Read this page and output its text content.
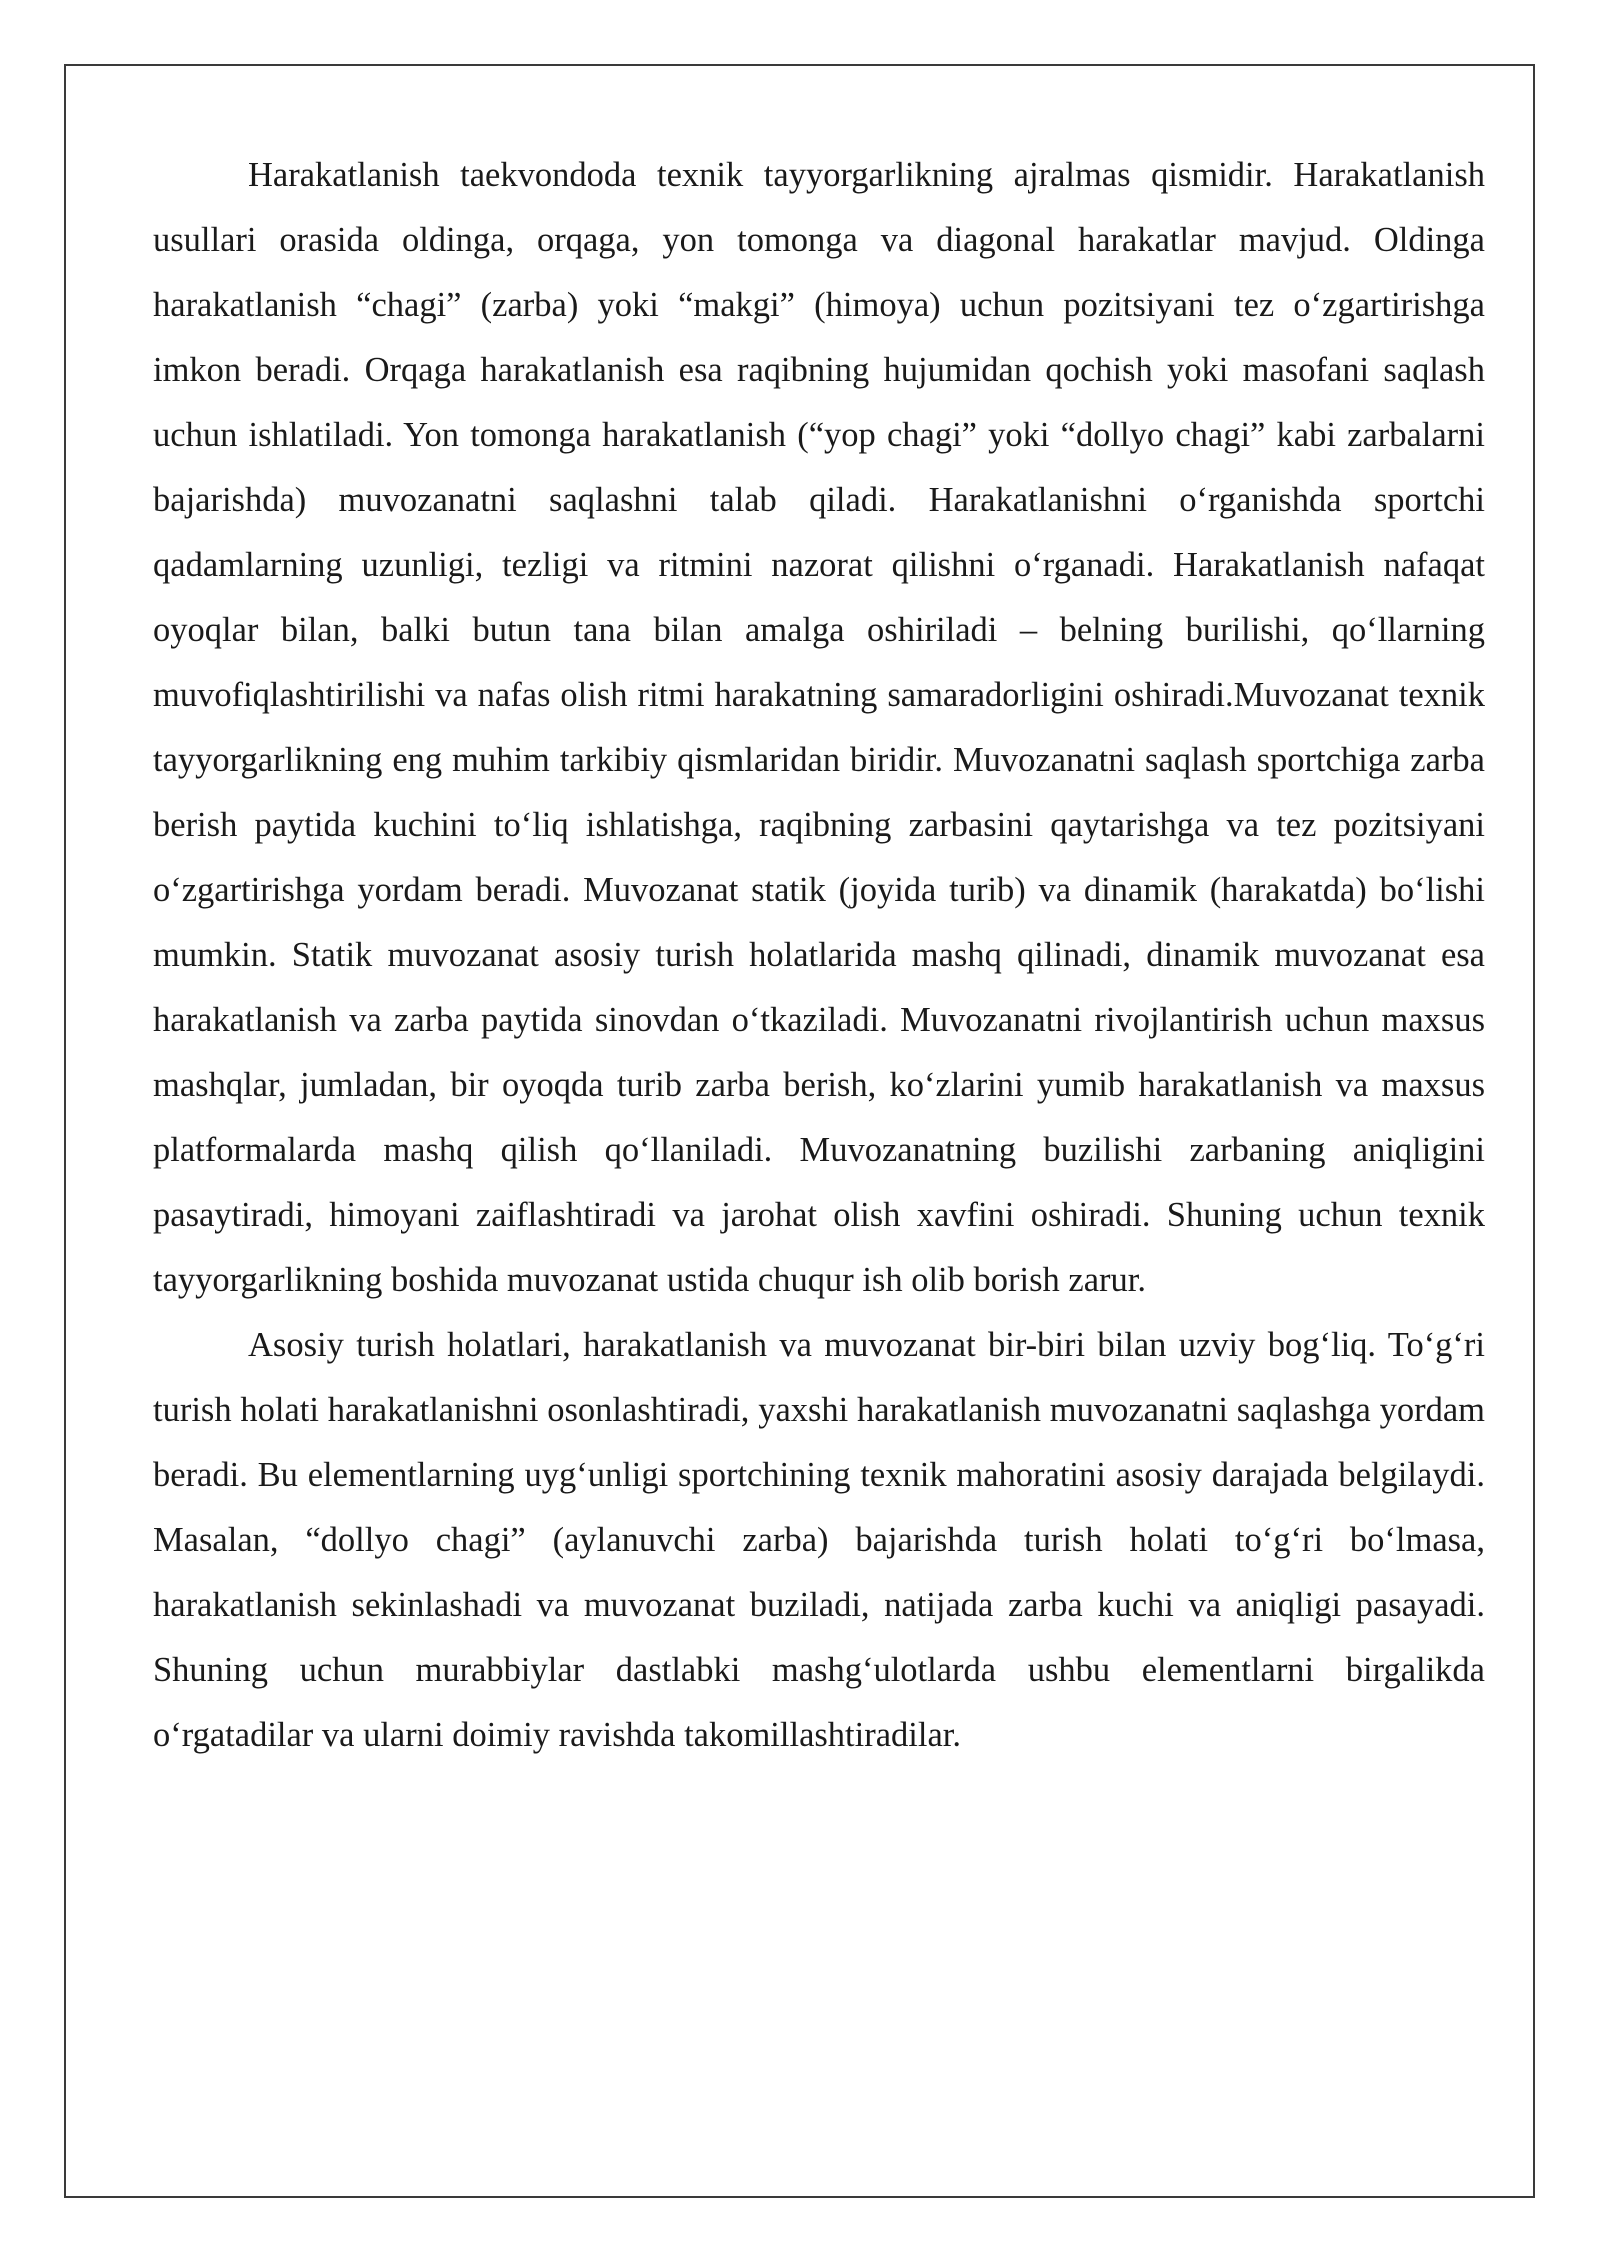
Harakatlanish taekvondoda texnik tayyorgarlikning ajralmas qismidir. Harakatlanish usullari orasida oldinga, orqaga, yon tomonga va diagonal harakatlar mavjud. Oldinga harakatlanish “chagi” (zarba) yoki “makgi” (himoya) uchun pozitsiyani tez o‘zgartirishga imkon beradi. Orqaga harakatlanish esa raqibning hujumidan qochish yoki masofani saqlash uchun ishlatiladi. Yon tomonga harakatlanish (“yop chagi” yoki “dollyo chagi” kabi zarbalarni bajarishda) muvozanatni saqlashni talab qiladi. Harakatlanishni o‘rganishda sportchi qadamlarning uzunligi, tezligi va ritmini nazorat qilishni o‘rganadi. Harakatlanish nafaqat oyoqlar bilan, balki butun tana bilan amalga oshiriladi – belning burilishi, qo‘llarning muvofiqlashtirilishi va nafas olish ritmi harakatning samaradorligini oshiradi.Muvozanat texnik tayyorgarlikning eng muhim tarkibiy qismlaridan biridir. Muvozanatni saqlash sportchiga zarba berish paytida kuchini to‘liq ishlatishga, raqibning zarbasini qaytarishga va tez pozitsiyani o‘zgartirishga yordam beradi. Muvozanat statik (joyida turib) va dinamik (harakatda) bo‘lishi mumkin. Statik muvozanat asosiy turish holatlarida mashq qilinadi, dinamik muvozanat esa harakatlanish va zarba paytida sinovdan o‘tkaziladi. Muvozanatni rivojlantirish uchun maxsus mashqlar, jumladan, bir oyoqda turib zarba berish, ko‘zlarini yumib harakatlanish va maxsus platformalarda mashq qilish qo‘llaniladi. Muvozanatning buzilishi zarbaning aniqligini pasaytiradi, himoyani zaiflashtiradi va jarohat olish xavfini oshiradi. Shuning uchun texnik tayyorgarlikning boshida muvozanat ustida chuqur ish olib borish zarur.

Asosiy turish holatlari, harakatlanish va muvozanat bir-biri bilan uzviy bog‘liq. To‘g‘ri turish holati harakatlanishni osonlashtiradi, yaxshi harakatlanish muvozanatni saqlashga yordam beradi. Bu elementlarning uyg‘unligi sportchining texnik mahoratini asosiy darajada belgilaydi. Masalan, “dollyo chagi” (aylanuvchi zarba) bajarishda turish holati to‘g‘ri bo‘lmasa, harakatlanish sekinlashadi va muvozanat buziladi, natijada zarba kuchi va aniqligi pasayadi. Shuning uchun murabbiylar dastlabki mashg‘ulotlarda ushbu elementlarni birgalikda o‘rgatadilar va ularni doimiy ravishda takomillashtiradilar.
